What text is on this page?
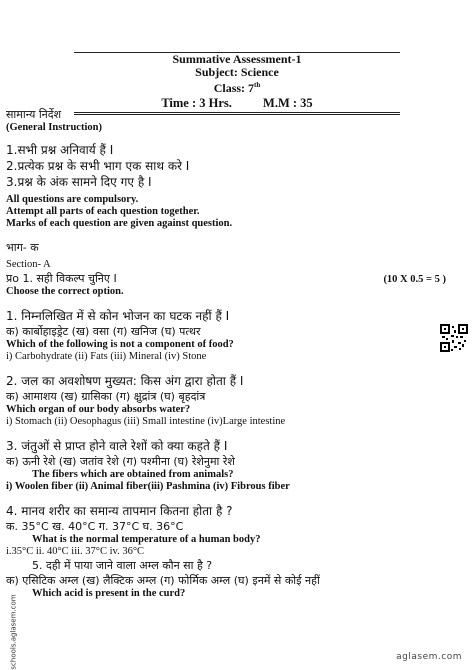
Summative Assessment-1
Subject: Science
Class: 7th
Time : 3 Hrs. M.M : 35
सामान्य निर्देश
(General Instruction)
1.सभी प्रश्न अनिवार्य हैं I
2.प्रत्येक प्रश्न के सभी भाग एक साथ करे I
3.प्रश्न के अंक सामने दिए गए है I
All questions are compulsory.
Attempt all parts of each question together.
Marks of each question are given against question.
भाग- क
Section- A
प्रo 1. सही विकल्प चुनिए I	(10 X 0.5 = 5 )
Choose the correct option.
1. निम्नलिखित में से कोन भोजन का घटक नहीं हैं I
क) कार्बोहाइड्रेट (ख) वसा (ग) खनिज (घ) पत्थर
Which of the following is not a component of food?
i) Carbohydrate (ii) Fats (iii) Mineral (iv) Stone
2. जल का अवशोषण मुख्यत: किस अंग द्वारा होता हैं I
क) आमाशय (ख) ग्रासिका (ग) क्षुद्रांत्र (घ) बृहदांत्र
Which organ of our body absorbs water?
i) Stomach (ii) Oesophagus (iii) Small intestine (iv)Large intestine
3. जंतुओं से प्राप्त होने वाले रेशों को क्या कहते हैं I
क) ऊनी रेशे (ख) जतांव रेशे (ग) पश्मीना (घ) रेशेनुमा रेशे
The fibers which are obtained from animals?
i) Woolen fiber (ii) Animal fiber(iii) Pashmina (iv) Fibrous fiber
4. मानव शरीर का समान्य तापमान कितना होता है ?
क. 35°C ख. 40°C ग. 37°C घ. 36°C
What is the normal temperature of a human body?
i.35°C ii. 40°C iii. 37°C iv. 36°C
5. दही में पाया जाने वाला अम्ल कौन सा है ?
क) एसिटिक अम्ल (ख) लैक्टिक अम्ल (ग) फोर्मिक अम्ल (घ) इनमें से कोई नहीं
Which acid is present in the curd?
schools.aglasem.com	aglasem.com
